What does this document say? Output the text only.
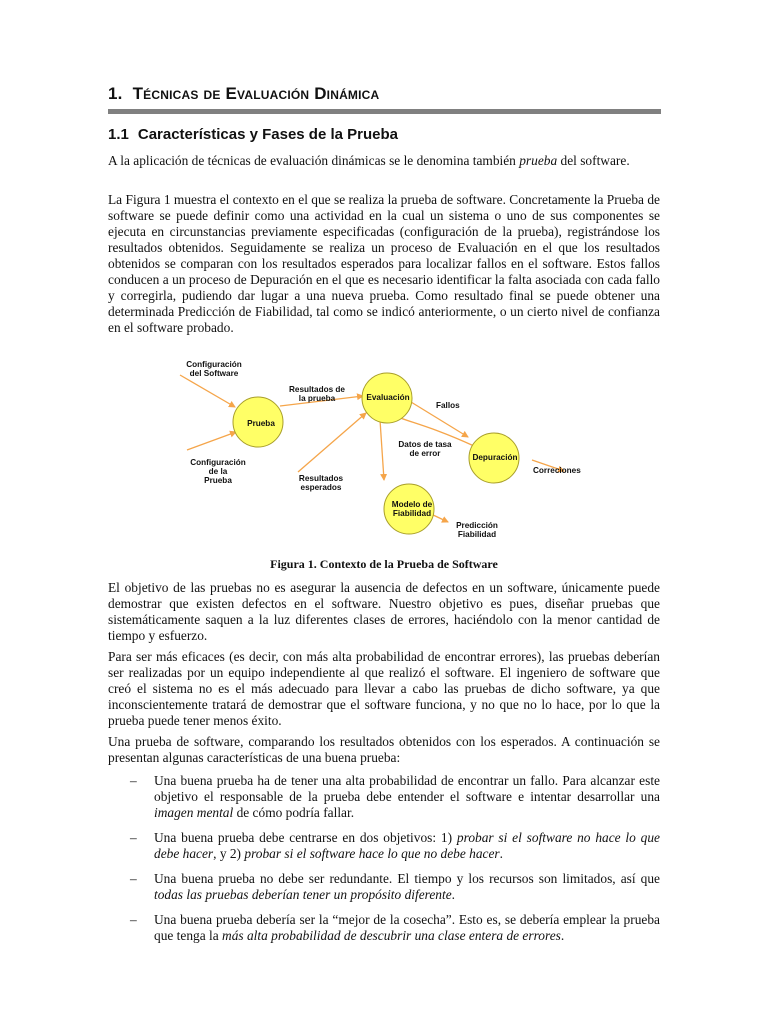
1. Técnicas de Evaluación Dinámica
1.1 Características y Fases de la Prueba

A la aplicación de técnicas de evaluación dinámicas se le denomina también prueba del software.

La Figura 1 muestra el contexto en el que se realiza la prueba de software. Concretamente la Prueba de software se puede definir como una actividad en la cual un sistema o uno de sus componentes se ejecuta en circunstancias previamente especificadas (configuración de la prueba), registrándose los resultados obtenidos. Seguidamente se realiza un proceso de Evaluación en el que los resultados obtenidos se comparan con los resultados esperados para localizar fallos en el software. Estos fallos conducen a un proceso de Depuración en el que es necesario identificar la falta asociada con cada fallo y corregirla, pudiendo dar lugar a una nueva prueba. Como resultado final se puede obtener una determinada Predicción de Fiabilidad, tal como se indicó anteriormente, o un cierto nivel de confianza en el software probado.

Prueba
Evaluación
Depuración
Modelo de
Fiabilidad
Configuración
del Software
Resultados de
la prueba
Fallos
Datos de tasa
de error
Configuración
de la
Prueba	Resultados
esperados
Correciones
Predicción
Fiabilidad
Figura 1. Contexto de la Prueba de Software

El objetivo de las pruebas no es asegurar la ausencia de defectos en un software, únicamente puede demostrar que existen defectos en el software. Nuestro objetivo es pues, diseñar pruebas que sistemáticamente saquen a la luz diferentes clases de errores, haciéndolo con la menor cantidad de tiempo y esfuerzo.

Para ser más eficaces (es decir, con más alta probabilidad de encontrar errores), las pruebas deberían ser realizadas por un equipo independiente al que realizó el software. El ingeniero de software que creó el sistema no es el más adecuado para llevar a cabo las pruebas de dicho software, ya que inconscientemente tratará de demostrar que el software funciona, y no que no lo hace, por lo que la prueba puede tener menos éxito.

Una prueba de software, comparando los resultados obtenidos con los esperados. A continuación se presentan algunas características de una buena prueba:

– Una buena prueba ha de tener una alta probabilidad de encontrar un fallo. Para alcanzar este objetivo el responsable de la prueba debe entender el software e intentar desarrollar una imagen mental de cómo podría fallar.
– Una buena prueba debe centrarse en dos objetivos: 1) probar si el software no hace lo que debe hacer, y 2) probar si el software hace lo que no debe hacer.
– Una buena prueba no debe ser redundante. El tiempo y los recursos son limitados, así que todas las pruebas deberían tener un propósito diferente.
– Una buena prueba debería ser la “mejor de la cosecha”. Esto es, se debería emplear la prueba que tenga la más alta probabilidad de descubrir una clase entera de errores.
